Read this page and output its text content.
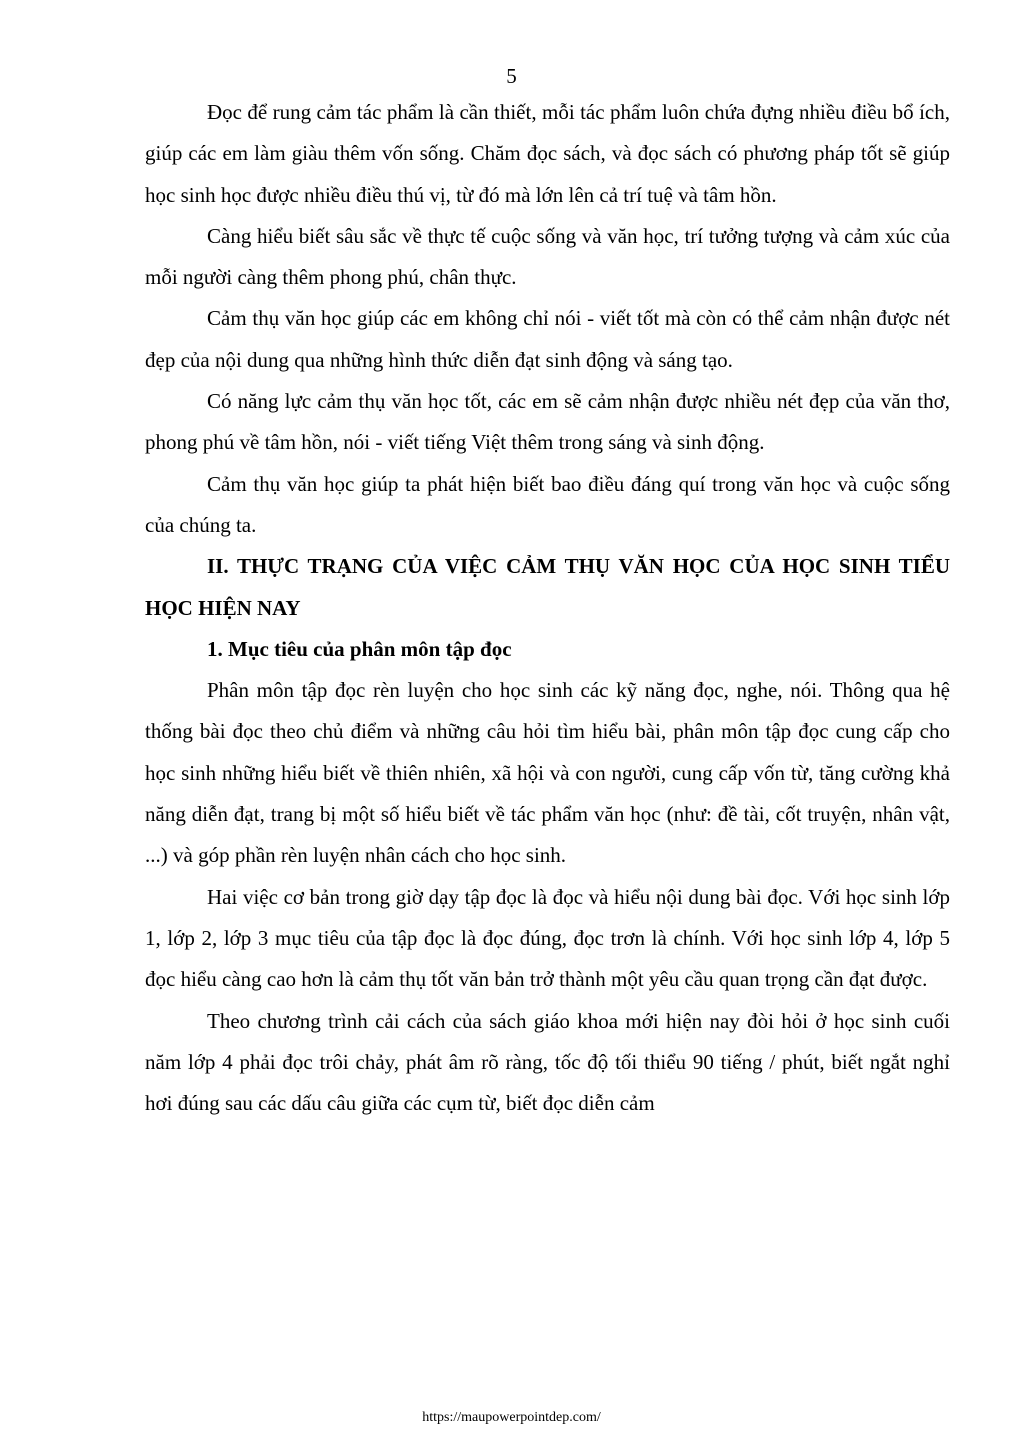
5

Đọc để rung cảm tác phẩm là cần thiết, mỗi tác phẩm luôn chứa đựng nhiều điều bổ ích, giúp các em làm giàu thêm vốn sống. Chăm đọc sách, và đọc sách có phương pháp tốt sẽ giúp học sinh học được nhiều điều thú vị, từ đó mà lớn lên cả trí tuệ và tâm hồn.

Càng hiểu biết sâu sắc về thực tế cuộc sống và văn học, trí tưởng tượng và cảm xúc của mỗi người càng thêm phong phú, chân thực.

Cảm thụ văn học giúp các em không chỉ nói - viết tốt mà còn có thể cảm nhận được nét đẹp của nội dung qua những hình thức diễn đạt sinh động và sáng tạo.

Có năng lực cảm thụ văn học tốt, các em sẽ cảm nhận được nhiều nét đẹp của văn thơ, phong phú về tâm hồn, nói - viết tiếng Việt thêm trong sáng và sinh động.

Cảm thụ văn học giúp ta phát hiện biết bao điều đáng quí trong văn học và cuộc sống của chúng ta.

II. THỰC TRẠNG CỦA VIỆC CẢM THỤ VĂN HỌC CỦA HỌC SINH TIỂU HỌC HIỆN NAY

1. Mục tiêu của phân môn tập đọc

Phân môn tập đọc rèn luyện cho học sinh các kỹ năng đọc, nghe, nói. Thông qua hệ thống bài đọc theo chủ điểm và những câu hỏi tìm hiểu bài, phân môn tập đọc cung cấp cho học sinh những hiểu biết về thiên nhiên, xã hội và con người, cung cấp vốn từ, tăng cường khả năng diễn đạt, trang bị một số hiểu biết về tác phẩm văn học (như: đề tài, cốt truyện, nhân vật, ...) và góp phần rèn luyện nhân cách cho học sinh.

Hai việc cơ bản trong giờ dạy tập đọc là đọc và hiểu nội dung bài đọc. Với học sinh lớp 1, lớp 2, lớp 3 mục tiêu của tập đọc là đọc đúng, đọc trơn là chính. Với học sinh lớp 4, lớp 5 đọc hiểu càng cao hơn là cảm thụ tốt văn bản trở thành một yêu cầu quan trọng cần đạt được.

Theo chương trình cải cách của sách giáo khoa mới hiện nay đòi hỏi ở học sinh cuối năm lớp 4 phải đọc trôi chảy, phát âm rõ ràng, tốc độ tối thiểu 90 tiếng / phút, biết ngắt nghỉ hơi đúng sau các dấu câu giữa các cụm từ, biết đọc diễn cảm

https://maupowerpointdep.com/
